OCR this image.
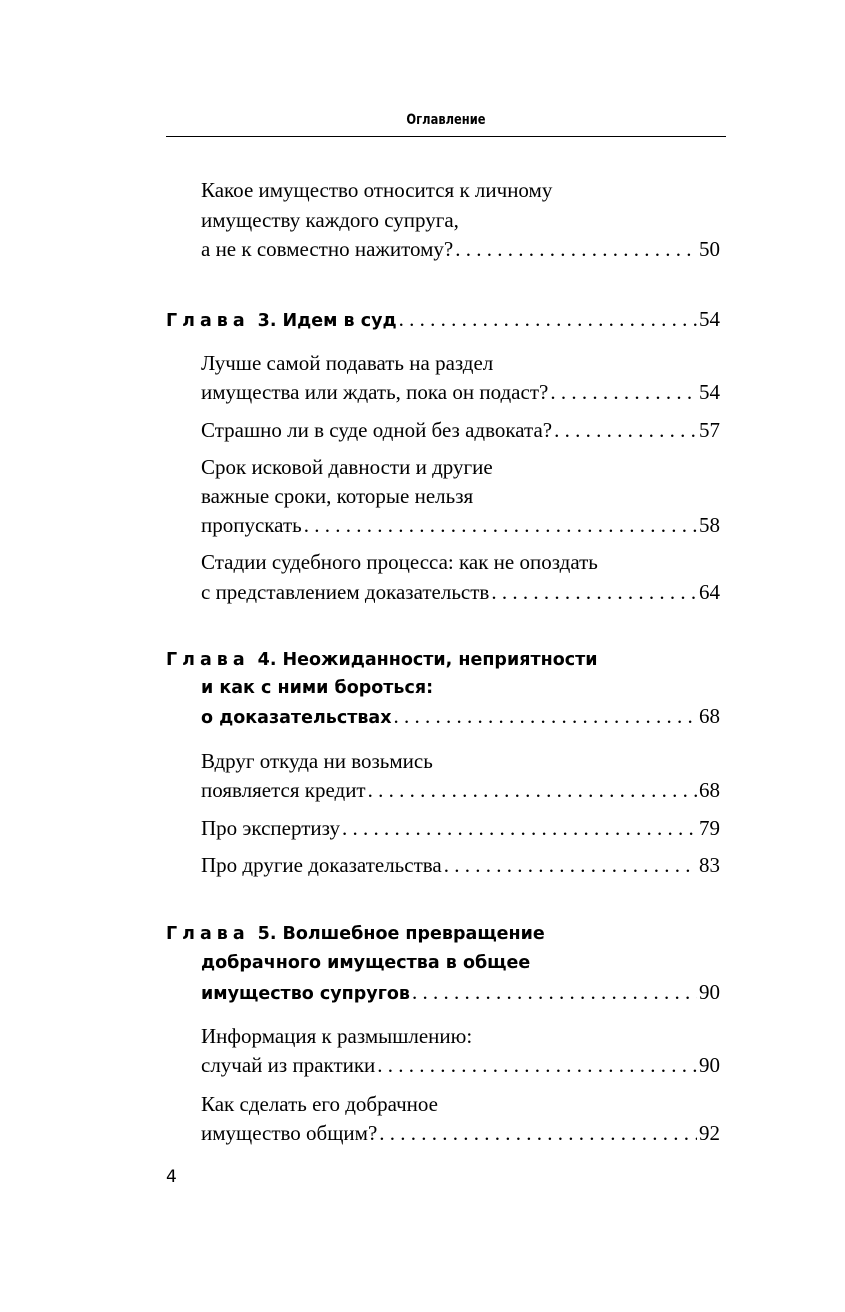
Оглавление
Какое имущество относится к личному
имуществу каждого супруга,
а не к совместно нажитому? . . .	50
Глава 3. Идем в суд . . .	54
Лучше самой подавать на раздел
имущества или ждать, пока он подаст? . . .	54
Страшно ли в суде одной без адвоката? . . .	57
Срок исковой давности и другие
важные сроки, которые нельзя
пропускать . . .	58
Стадии судебного процесса: как не опоздать
с представлением доказательств . . .	64
Глава 4. Неожиданности, неприятности
и как с ними бороться:
о доказательствах . . .	68
Вдруг откуда ни возьмись
появляется кредит . . .	68
Про экспертизу . . .	79
Про другие доказательства . . .	83
Глава 5. Волшебное превращение
добрачного имущества в общее
имущество супругов . . .	90
Информация к размышлению:
случай из практики . . .	90
Как сделать его добрачное
имущество общим? . . .	92
4
